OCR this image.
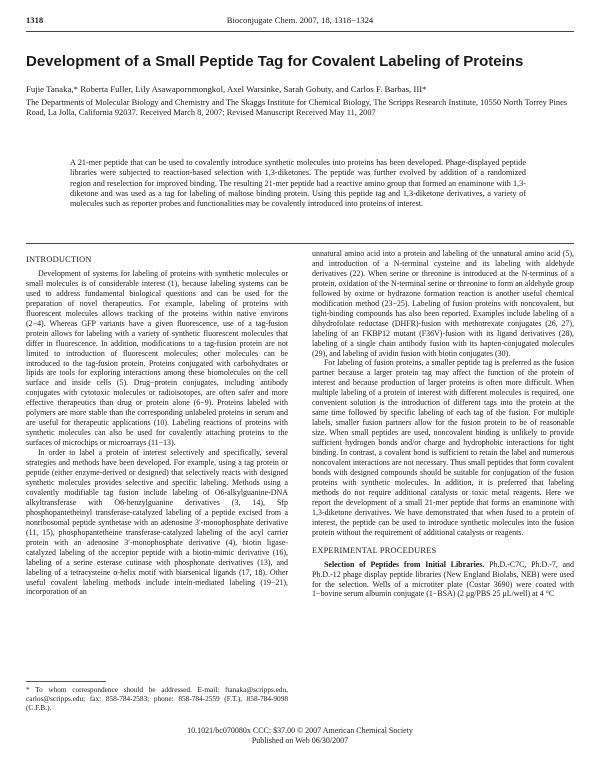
1318	Bioconjugate Chem. 2007, 18, 1318−1324
Development of a Small Peptide Tag for Covalent Labeling of Proteins
Fujie Tanaka,* Roberta Fuller, Lily Asawapornmongkol, Axel Warsinke, Sarah Gobuty, and Carlos F. Barbas, III*
The Departments of Molecular Biology and Chemistry and The Skaggs Institute for Chemical Biology, The Scripps Research Institute, 10550 North Torrey Pines Road, La Jolla, California 92037. Received March 8, 2007; Revised Manuscript Received May 11, 2007
A 21-mer peptide that can be used to covalently introduce synthetic molecules into proteins has been developed. Phage-displayed peptide libraries were subjected to reaction-based selection with 1,3-diketones. The peptide was further evolved by addition of a randomized region and reselection for improved binding. The resulting 21-mer peptide had a reactive amino group that formed an enaminone with 1,3-diketone and was used as a tag for labeling of maltose binding protein. Using this peptide tag and 1,3-diketone derivatives, a variety of molecules such as reporter probes and functionalities may be covalently introduced into proteins of interest.
INTRODUCTION

Development of systems for labeling of proteins with synthetic molecules or small molecules is of considerable interest (1), because labeling systems can be used to address fundamental biological questions and can be used for the preparation of novel therapeutics. For example, labeling of proteins with fluorescent molecules allows tracking of the proteins within native environs (2−4). Whereas GFP variants have a given fluorescence, use of a tag-fusion protein allows for labeling with a variety of synthetic fluorescent molecules that differ in fluorescence. In addition, modifications to a tag-fusion protein are not limited to introduction of fluorescent molecules; other molecules can be introduced to the tag-fusion protein. Proteins conjugated with carbohydrates or lipids are tools for exploring interactions among these biomolecules on the cell surface and inside cells (5). Drug−protein conjugates, including antibody conjugates with cytotoxic molecules or radioisotopes, are often safer and more effective therapeutics than drug or protein alone (6−9). Proteins labeled with polymers are more stable than the corresponding unlabeled proteins in serum and are useful for therapeutic applications (10). Labeling reactions of proteins with synthetic molecules can also be used for covalently attaching proteins to the surfaces of microchips or microarrays (11−13).

In order to label a protein of interest selectively and specifically, several strategies and methods have been developed. For example, using a tag protein or peptide (either enzyme-derived or designed) that selectively reacts with designed synthetic molecules provides selective and specific labeling. Methods using a covalently modifiable tag fusion include labeling of O6-alkylguanine-DNA alkyltransferase with O6-benzylguanine derivatives (3, 14), Sfp phosphopantetheinyl transferase-catalyzed labeling of a peptide excised from a nonribosomal peptide synthetase with an adenosine 3′-monophosphate derivative (11, 15), phosphopantetheine transferase-catalyzed labeling of the acyl carrier protein with an adenosine 3′-monophosphate derivative (4), biotin ligase-catalyzed labeling of the acceptor peptide with a biotin-mimic derivative (16), labeling of a serine esterase cutinase with phosphonate derivatives (13), and labeling of a tetracysteine α-helix motif with biarsenical ligands (17, 18). Other useful covalent labeling methods include intein-mediated labeling (19−21), incorporation of an

* To whom correspondence should be addressed. E-mail: ftanaka@scripps.edu, carlos@scripps.edu; fax: 858-784-2583; phone: 858-784-2559 (F.T.), 858-784-9098 (C.F.B.).

unnatural amino acid into a protein and labeling of the unnatural amino acid (5), and introduction of a N-terminal cysteine and its labeling with aldehyde derivatives (22). When serine or threonine is introduced at the N-terminus of a protein, oxidation of the N-terminal serine or threonine to form an aldehyde group followed by oxime or hydrazone formation reaction is another useful chemical modification method (23−25). Labeling of fusion proteins with noncovalent, but tight-binding compounds has also been reported. Examples include labeling of a dihydrofolate reductase (DHFR)-fusion with methotrexate conjugates (26, 27), labeling of an FKBP12 mutant (F36V)-fusion with its ligand derivatives (28), labeling of a single chain antibody fusion with its hapten-conjugated molecules (29), and labeling of avidin fusion with biotin conjugates (30).

For labeling of fusion proteins, a smaller peptide tag is preferred as the fusion partner because a larger protein tag may affect the function of the protein of interest and because production of larger proteins is often more difficult. When multiple labeling of a protein of interest with different molecules is required, one convenient solution is the introduction of different tags into the protein at the same time followed by specific labeling of each tag of the fusion. For multiple labels, smaller fusion partners allow for the fusion protein to be of reasonable size. When small peptides are used, noncovalent binding is unlikely to provide sufficient hydrogen bonds and/or charge and hydrophobic interactions for tight binding. In contrast, a covalent bond is sufficient to retain the label and numerous noncovalent interactions are not necessary. Thus small peptides that form covalent bonds with designed compounds should be suitable for conjugation of the fusion proteins with synthetic molecules. In addition, it is preferred that labeling methods do not require additional catalysts or toxic metal reagents. Here we report the development of a small 21-mer peptide that forms an enaminone with 1,3-diketone derivatives. We have demonstrated that when fused to a protein of interest, the peptide can be used to introduce synthetic molecules into the fusion protein without the requirement of additional catalysts or reagents.

EXPERIMENTAL PROCEDURES

Selection of Peptides from Initial Libraries. Ph.D.-C7C, Ph.D.-7, and Ph.D.-12 phage display peptide libraries (New England Biolabs, NEB) were used for the selection. Wells of a microtiter plate (Costar 3690) were coated with 1−bovine serum albumin conjugate (1−BSA) (2 μg/PBS 25 μL/well) at 4 °C

10.1021/bc070080x CCC: $37.00 © 2007 American Chemical Society
Published on Web 06/30/2007
